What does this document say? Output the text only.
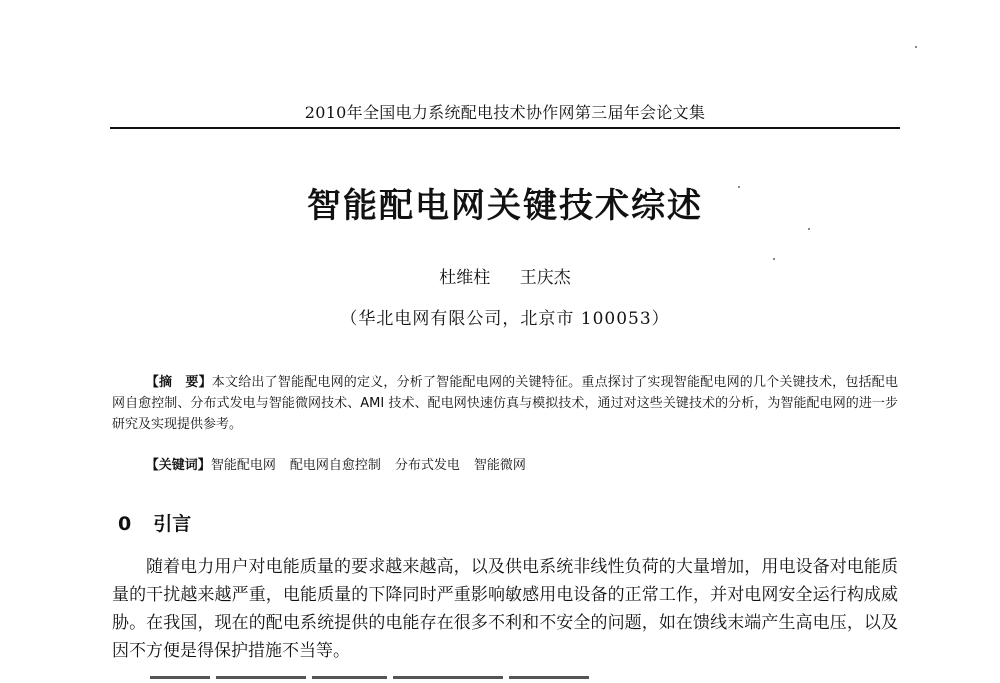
2010年全国电力系统配电技术协作网第三届年会论文集
智能配电网关键技术综述
杜维柱 王庆杰
（华北电网有限公司，北京市 100053）
【摘　要】本文给出了智能配电网的定义，分析了智能配电网的关键特征。重点探讨了实现智能配电网的几个关键技术，包括配电网自愈控制、分布式发电与智能微网技术、AMI 技术、配电网快速仿真与模拟技术，通过对这些关键技术的分析，为智能配电网的进一步研究及实现提供参考。
【关键词】智能配电网 配电网自愈控制 分布式发电 智能微网
0 引言
随着电力用户对电能质量的要求越来越高，以及供电系统非线性负荷的大量增加，用电设备对电能质量的干扰越来越严重，电能质量的下降同时严重影响敏感用电设备的正常工作，并对电网安全运行构成威胁。在我国，现在的配电系统提供的电能存在很多不利和不安全的问题，如在馈线末端产生高电压，以及因不方便是得保护措施不当等。
